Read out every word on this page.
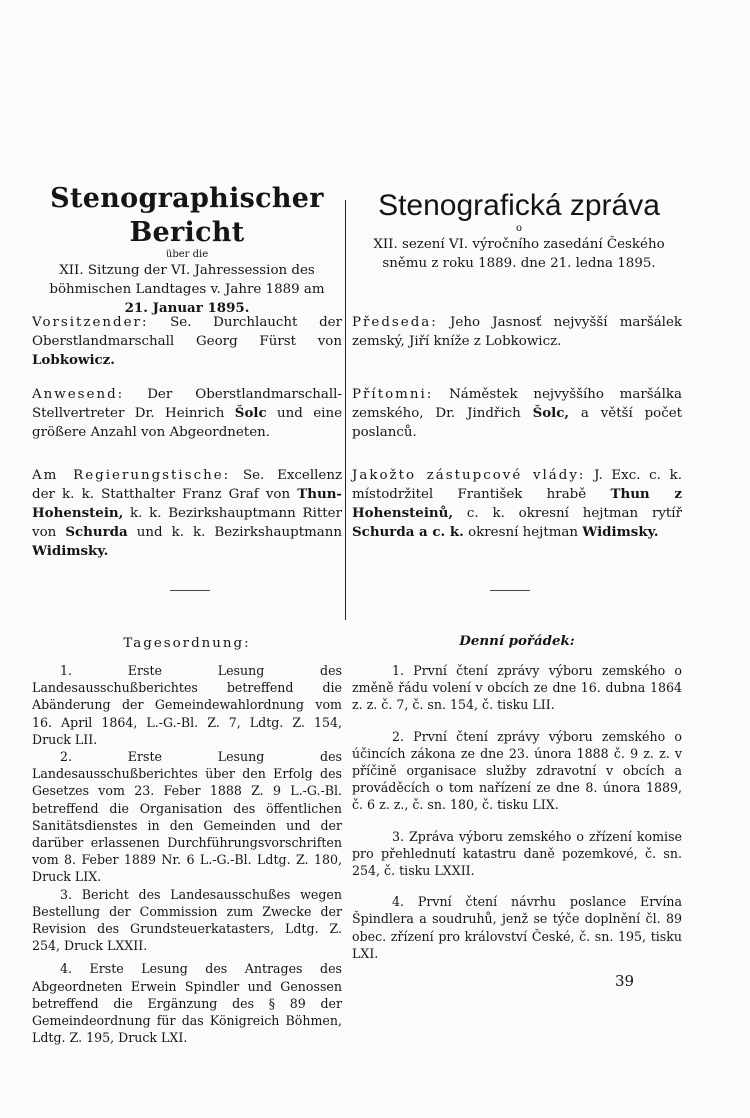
Stenographischer Bericht
über die
XII. Sitzung der VI. Jahressession des
böhmischen Landtages v. Jahre 1889 am
21. Januar 1895.
Vorsitzender: Se. Durchlaucht der Oberstlandmarschall Georg Fürst von Lobkowicz.
Anwesend: Der Oberstlandmarschall-Stellvertreter Dr. Heinrich Šolc und eine größere Anzahl von Abgeordneten.
Am Regierungstische: Se. Excellenz der k. k. Statthalter Franz Graf von Thun-Hohenstein, k. k. Bezirkshauptmann Ritter von Schurda und k. k. Bezirkshauptmann Widimsky.
Tagesordnung:

1. Erste Lesung des Landesausschußberichtes betreffend die Abänderung der Gemeindewahlordnung vom 16. April 1864, L.-G.-Bl. Z. 7, Ldtg. Z. 154, Druck LII.

2. Erste Lesung des Landesausschußberichtes über den Erfolg des Gesetzes vom 23. Feber 1888 Z. 9 L.-G.-Bl. betreffend die Organisation des öffentlichen Sanitätsdienstes in den Gemeinden und der darüber erlassenen Durchführungsvorschriften vom 8. Feber 1889 Nr. 6 L.-G.-Bl. Ldtg. Z. 180, Druck LIX.

3. Bericht des Landesausschußes wegen Bestellung der Commission zum Zwecke der Revision des Grundsteuerkatasters, Ldtg. Z. 254, Druck LXXII.

4. Erste Lesung des Antrages des Abgeordneten Erwein Spindler und Genossen betreffend die Ergänzung des § 89 der Gemeindeordnung für das Königreich Böhmen, Ldtg. Z. 195, Druck LXI.

Stenografická zpráva
o
XII. sezení VI. výročního zasedání Českého
sněmu z roku 1889. dne 21. ledna 1895.
Předseda: Jeho Jasnosť nejvyšší maršálek zemský, Jiří kníže z Lobkowicz.
Přítomni: Náměstek nejvyššího maršálka zemského, Dr. Jindřich Šolc, a větší počet poslanců.
Jakožto zástupcové vlády: J. Exc. c. k. místodržitel František hrabě Thun z Hohensteinů, c. k. okresní hejtman rytíř Schurda a c. k. okresní hejtman Widimsky.
Denní pořádek:

1. První čtení zprávy výboru zemského o změně řádu volení v obcích ze dne 16. dubna 1864 z. z. č. 7, č. sn. 154, č. tisku LII.

2. První čtení zprávy výboru zemského o účincích zákona ze dne 23. února 1888 č. 9 z. z. v příčině organisace služby zdravotní v obcích a prováděcích o tom nařízení ze dne 8. února 1889, č. 6 z. z., č. sn. 180, č. tisku LIX.

3. Zpráva výboru zemského o zřízení komise pro přehlednutí katastru daně pozemkové, č. sn. 254, č. tisku LXXII.

4. První čtení návrhu poslance Ervína Špindlera a soudruhů, jenž se týče doplnění čl. 89 obec. zřízení pro království České, č. sn. 195, tisku LXI.

39
